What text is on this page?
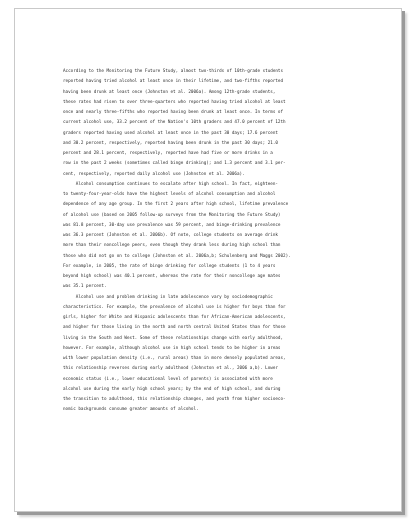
According to the Monitoring the Future Study, almost two-thirds of 10th-grade students
reported having tried alcohol at least once in their lifetime, and two-fifths reported
having been drunk at least once (Johnston et al. 2006a). Among 12th-grade students,
these rates had risen to over three-quarters who reported having tried alcohol at least
once and nearly three-fifths who reported having been drunk at least once. In terms of
current alcohol use, 33.2 percent of the Nation's 10th graders and 47.0 percent of 12th
graders reported having used alcohol at least once in the past 30 days; 17.6 percent
and 30.2 percent, respectively, reported having been drunk in the past 30 days; 21.0
percent and 28.1 percent, respectively, reported have had five or more drinks in a
row in the past 2 weeks (sometimes called binge drinking); and 1.3 percent and 3.1 per-
cent, respectively, reported daily alcohol use (Johnston et al. 2006a).

Alcohol consumption continues to escalate after high school. In fact, eighteen-
to twenty-four-year-olds have the highest levels of alcohol consumption and alcohol
dependence of any age group. In the first 2 years after high school, lifetime prevalence
of alcohol use (based on 2005 follow-up surveys from the Monitoring the Future Study)
was 81.8 percent, 30-day use prevalence was 59 percent, and binge-drinking prevalence
was 36.3 percent (Johnston et al. 2006b). Of note, college students on average drink
more than their noncollege peers, even though they drank less during high school than
those who did not go on to college (Johnston et al. 2006a,b; Schulenberg and Maggs 2002).
For example, in 2005, the rate of binge drinking for college students (1 to 4 years
beyond high school) was 40.1 percent, whereas the rate for their noncollege age mates
was 35.1 percent.

Alcohol use and problem drinking in late adolescence vary by sociodemographic
characteristics. For example, the prevalence of alcohol use is higher for boys than for
girls, higher for White and Hispanic adolescents than for African-American adolescents,
and higher for those living in the north and north central United States than for those
living in the South and West. Some of these relationships change with early adulthood,
however. For example, although alcohol use in high school tends to be higher in areas
with lower population density (i.e., rural areas) than in more densely populated areas,
this relationship reverses during early adulthood (Johnston et al., 2006 a,b). Lower
economic status (i.e., lower educational level of parents) is associated with more
alcohol use during the early high school years; by the end of high school, and during
the transition to adulthood, this relationship changes, and youth from higher socioeco-
nomic backgrounds consume greater amounts of alcohol.
